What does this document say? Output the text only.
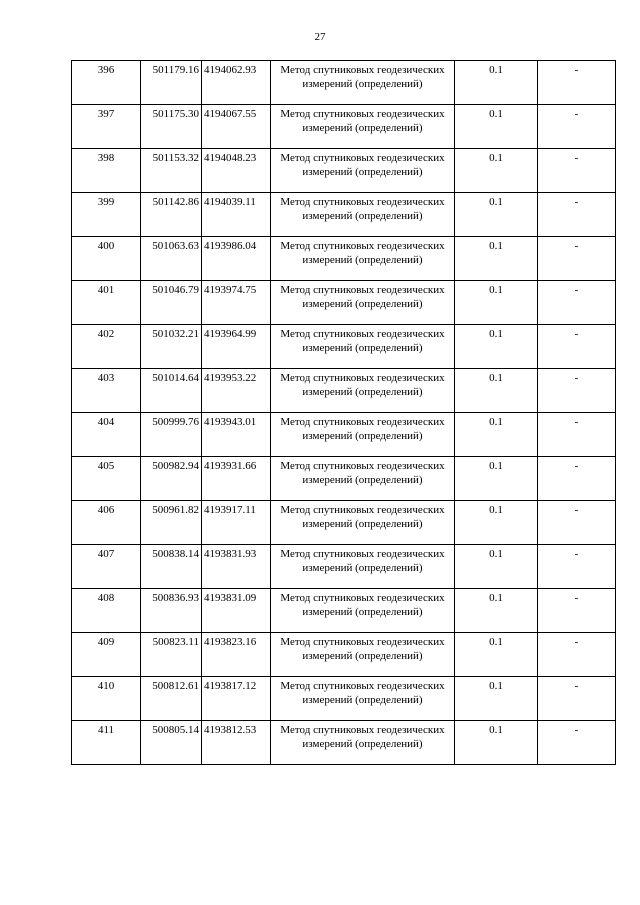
27
396	501179.16	4194062.93	Метод спутниковых геодезических измерений (определений)	0.1	-
397	501175.30	4194067.55	Метод спутниковых геодезических измерений (определений)	0.1	-
398	501153.32	4194048.23	Метод спутниковых геодезических измерений (определений)	0.1	-
399	501142.86	4194039.11	Метод спутниковых геодезических измерений (определений)	0.1	-
400	501063.63	4193986.04	Метод спутниковых геодезических измерений (определений)	0.1	-
401	501046.79	4193974.75	Метод спутниковых геодезических измерений (определений)	0.1	-
402	501032.21	4193964.99	Метод спутниковых геодезических измерений (определений)	0.1	-
403	501014.64	4193953.22	Метод спутниковых геодезических измерений (определений)	0.1	-
404	500999.76	4193943.01	Метод спутниковых геодезических измерений (определений)	0.1	-
405	500982.94	4193931.66	Метод спутниковых геодезических измерений (определений)	0.1	-
406	500961.82	4193917.11	Метод спутниковых геодезических измерений (определений)	0.1	-
407	500838.14	4193831.93	Метод спутниковых геодезических измерений (определений)	0.1	-
408	500836.93	4193831.09	Метод спутниковых геодезических измерений (определений)	0.1	-
409	500823.11	4193823.16	Метод спутниковых геодезических измерений (определений)	0.1	-
410	500812.61	4193817.12	Метод спутниковых геодезических измерений (определений)	0.1	-
411	500805.14	4193812.53	Метод спутниковых геодезических измерений (определений)	0.1	-
